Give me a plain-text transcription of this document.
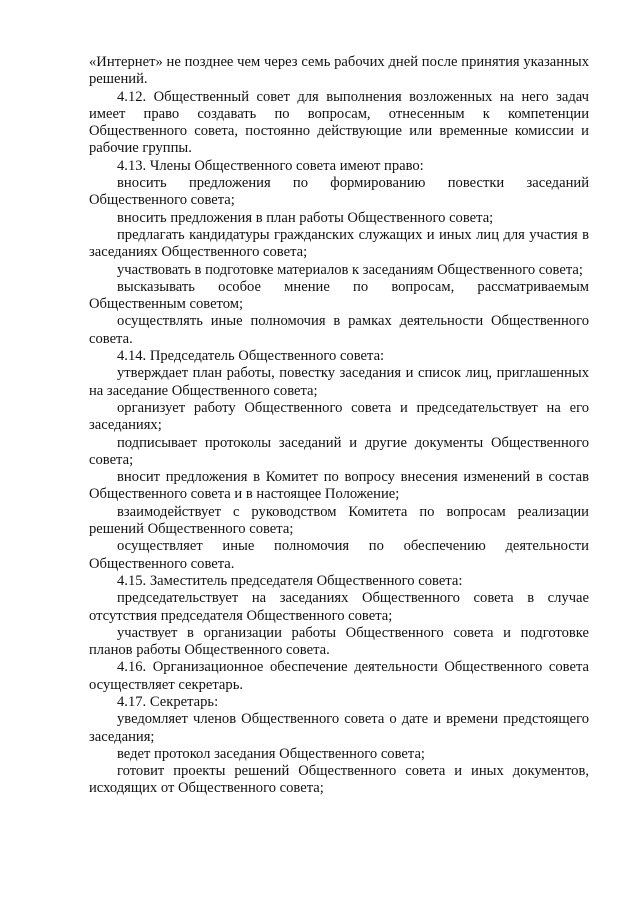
«Интернет» не позднее чем через семь рабочих дней после принятия указанных решений.

4.12. Общественный совет для выполнения возложенных на него задач имеет право создавать по вопросам, отнесенным к компетенции Общественного совета, постоянно действующие или временные комиссии и рабочие группы.

4.13. Члены Общественного совета имеют право:

вносить предложения по формированию повестки заседаний Общественного совета;

вносить предложения в план работы Общественного совета;

предлагать кандидатуры гражданских служащих и иных лиц для участия в заседаниях Общественного совета;

участвовать в подготовке материалов к заседаниям Общественного совета;

высказывать особое мнение по вопросам, рассматриваемым Общественным советом;

осуществлять иные полномочия в рамках деятельности Общественного совета.

4.14. Председатель Общественного совета:

утверждает план работы, повестку заседания и список лиц, приглашенных на заседание Общественного совета;

организует работу Общественного совета и председательствует на его заседаниях;

подписывает протоколы заседаний и другие документы Общественного совета;

вносит предложения в Комитет по вопросу внесения изменений в состав Общественного совета и в настоящее Положение;

взаимодействует с руководством Комитета по вопросам реализации решений Общественного совета;

осуществляет иные полномочия по обеспечению деятельности Общественного совета.

4.15. Заместитель председателя Общественного совета:

председательствует на заседаниях Общественного совета в случае отсутствия председателя Общественного совета;

участвует в организации работы Общественного совета и подготовке планов работы Общественного совета.

4.16. Организационное обеспечение деятельности Общественного совета осуществляет секретарь.

4.17. Секретарь:

уведомляет членов Общественного совета о дате и времени предстоящего заседания;

ведет протокол заседания Общественного совета;

готовит проекты решений Общественного совета и иных документов, исходящих от Общественного совета;
